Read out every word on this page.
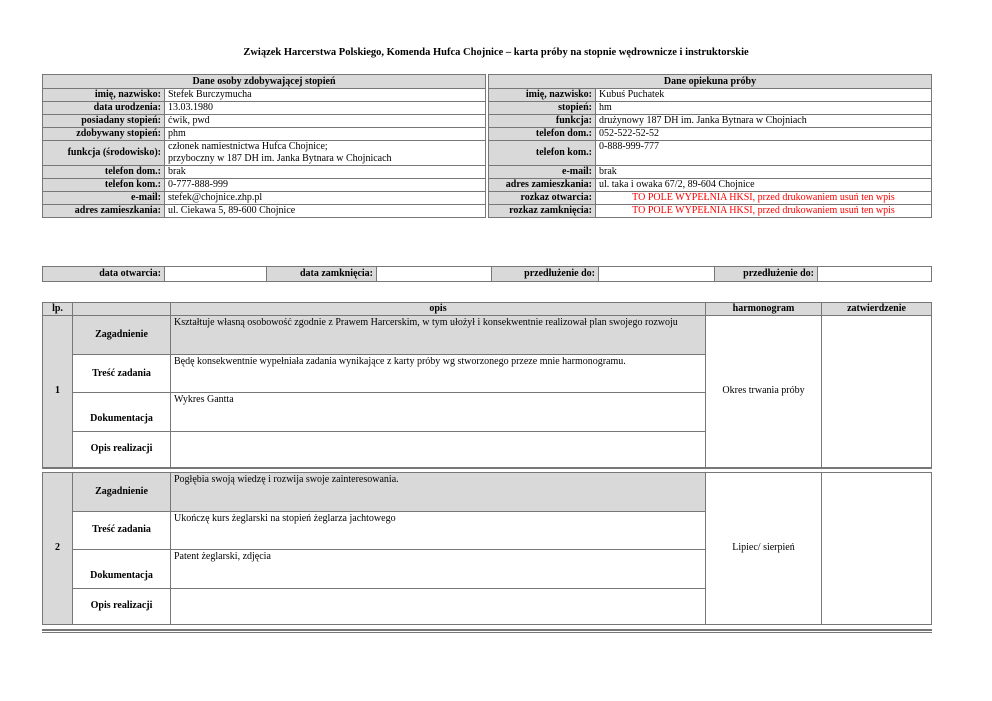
Związek Harcerstwa Polskiego, Komenda Hufca Chojnice – karta próby na stopnie wędrownicze i instruktorskie
Dane osoby zdobywającej stopień	
imię, nazwisko:	Stefek Burczymucha
data urodzenia:	13.03.1980
posiadany stopień:	ćwik, pwd
zdobywany stopień:	phm
funkcja (środowisko):	członek namiestnictwa Hufca Chojnice;
przyboczny w 187 DH im. Janka Bytnara w Chojnicach

telefon dom.:	brak
telefon kom.:	0-777-888-999
e-mail:	stefek@chojnice.zhp.pl
adres zamieszkania:	ul. Ciekawa 5, 89-600 Chojnice
Dane opiekuna próby	
imię, nazwisko:	Kubuś Puchatek
stopień:	hm
funkcja:	drużynowy 187 DH im. Janka Bytnara w Chojniach
telefon dom.:	052-522-52-52
telefon kom.:	0-888-999-777
e-mail:	brak
adres zamieszkania:	ul. taka i owaka 67/2, 89-604 Chojnice
rozkaz otwarcia:	TO POLE WYPEŁNIA HKSI, przed drukowaniem usuń ten wpis
rozkaz zamknięcia:	TO POLE WYPEŁNIA HKSI, przed drukowaniem usuń ten wpis
data otwarcia:		data zamknięcia:		przedłużenie do:		przedłużenie do:	
lp.		opis	harmonogram	zatwierdzenie
1	Zagadnienie	Kształtuje własną osobowość zgodnie z Prawem Harcerskim, w tym ułożył i konsekwentnie realizował plan swojego rozwoju	Okres trwania próby	
	Treść zadania	Będę konsekwentnie wypełniała zadania wynikające z karty próby wg stworzonego przeze mnie harmonogramu.		
	Dokumentacja	Wykres Gantta		
	Opis realizacji			

2	Zagadnienie	Pogłębia swoją wiedzę i rozwija swoje zainteresowania.	Lipiec/ sierpień	
	Treść zadania	Ukończę kurs żeglarski na stopień żeglarza jachtowego		
	Dokumentacja	Patent żeglarski, zdjęcia		
	Opis realizacji			
